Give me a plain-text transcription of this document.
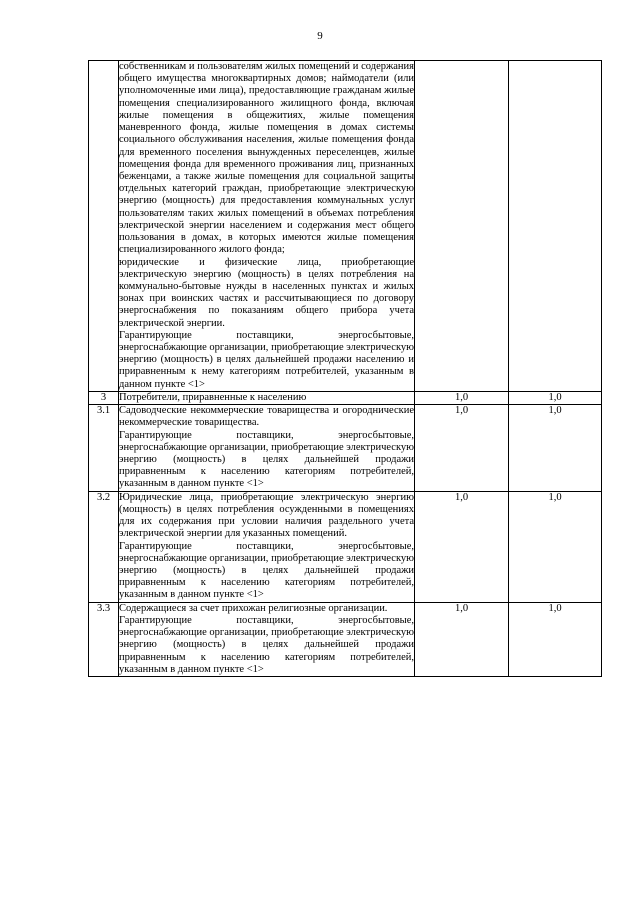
9

	собственникам и пользователям жилых помещений и содержания общего имущества многоквартирных домов; наймодатели (или уполномоченные ими лица), предоставляющие гражданам жилые помещения специализированного жилищного фонда, включая жилые помещения в общежитиях, жилые помещения маневренного фонда, жилые помещения в домах системы социального обслуживания населения, жилые помещения фонда для временного поселения вынужденных переселенцев, жилые помещения фонда для временного проживания лиц, признанных беженцами, а также жилые помещения для социальной защиты отдельных категорий граждан, приобретающие электрическую энергию (мощность) для предоставления коммунальных услуг пользователям таких жилых помещений в объемах потребления электрической энергии населением и содержания мест общего пользования в домах, в которых имеются жилые помещения специализированного жилого фонда;
юридические и физические лица, приобретающие электрическую энергию (мощность) в целях потребления на коммунально-бытовые нужды в населенных пунктах и жилых зонах при воинских частях и рассчитывающиеся по договору энергоснабжения по показаниям общего прибора учета электрической энергии.
Гарантирующие поставщики, энергосбытовые, энергоснабжающие организации, приобретающие электрическую энергию (мощность) в целях дальнейшей продажи населению и приравненным к нему категориям потребителей, указанным в данном пункте <1>		

3	Потребители, приравненные к населению	1,0	1,0
3.1	Садоводческие некоммерческие товарищества и огороднические некоммерческие товарищества.
Гарантирующие поставщики, энергосбытовые, энергоснабжающие организации, приобретающие электрическую энергию (мощность) в целях дальнейшей продажи приравненным к населению категориям потребителей, указанным в данном пункте <1>	1,0	1,0
3.2	Юридические лица, приобретающие электрическую энергию (мощность) в целях потребления осужденными в помещениях для их содержания при условии наличия раздельного учета электрической энергии для указанных помещений.
Гарантирующие поставщики, энергосбытовые, энергоснабжающие организации, приобретающие электрическую энергию (мощность) в целях дальнейшей продажи приравненным к населению категориям потребителей, указанным в данном пункте <1>	1,0	1,0
3.3	Содержащиеся за счет прихожан религиозные организации.
Гарантирующие поставщики, энергосбытовые, энергоснабжающие организации, приобретающие электрическую энергию (мощность) в целях дальнейшей продажи приравненным к населению категориям потребителей, указанным в данном пункте <1>	1,0	1,0
